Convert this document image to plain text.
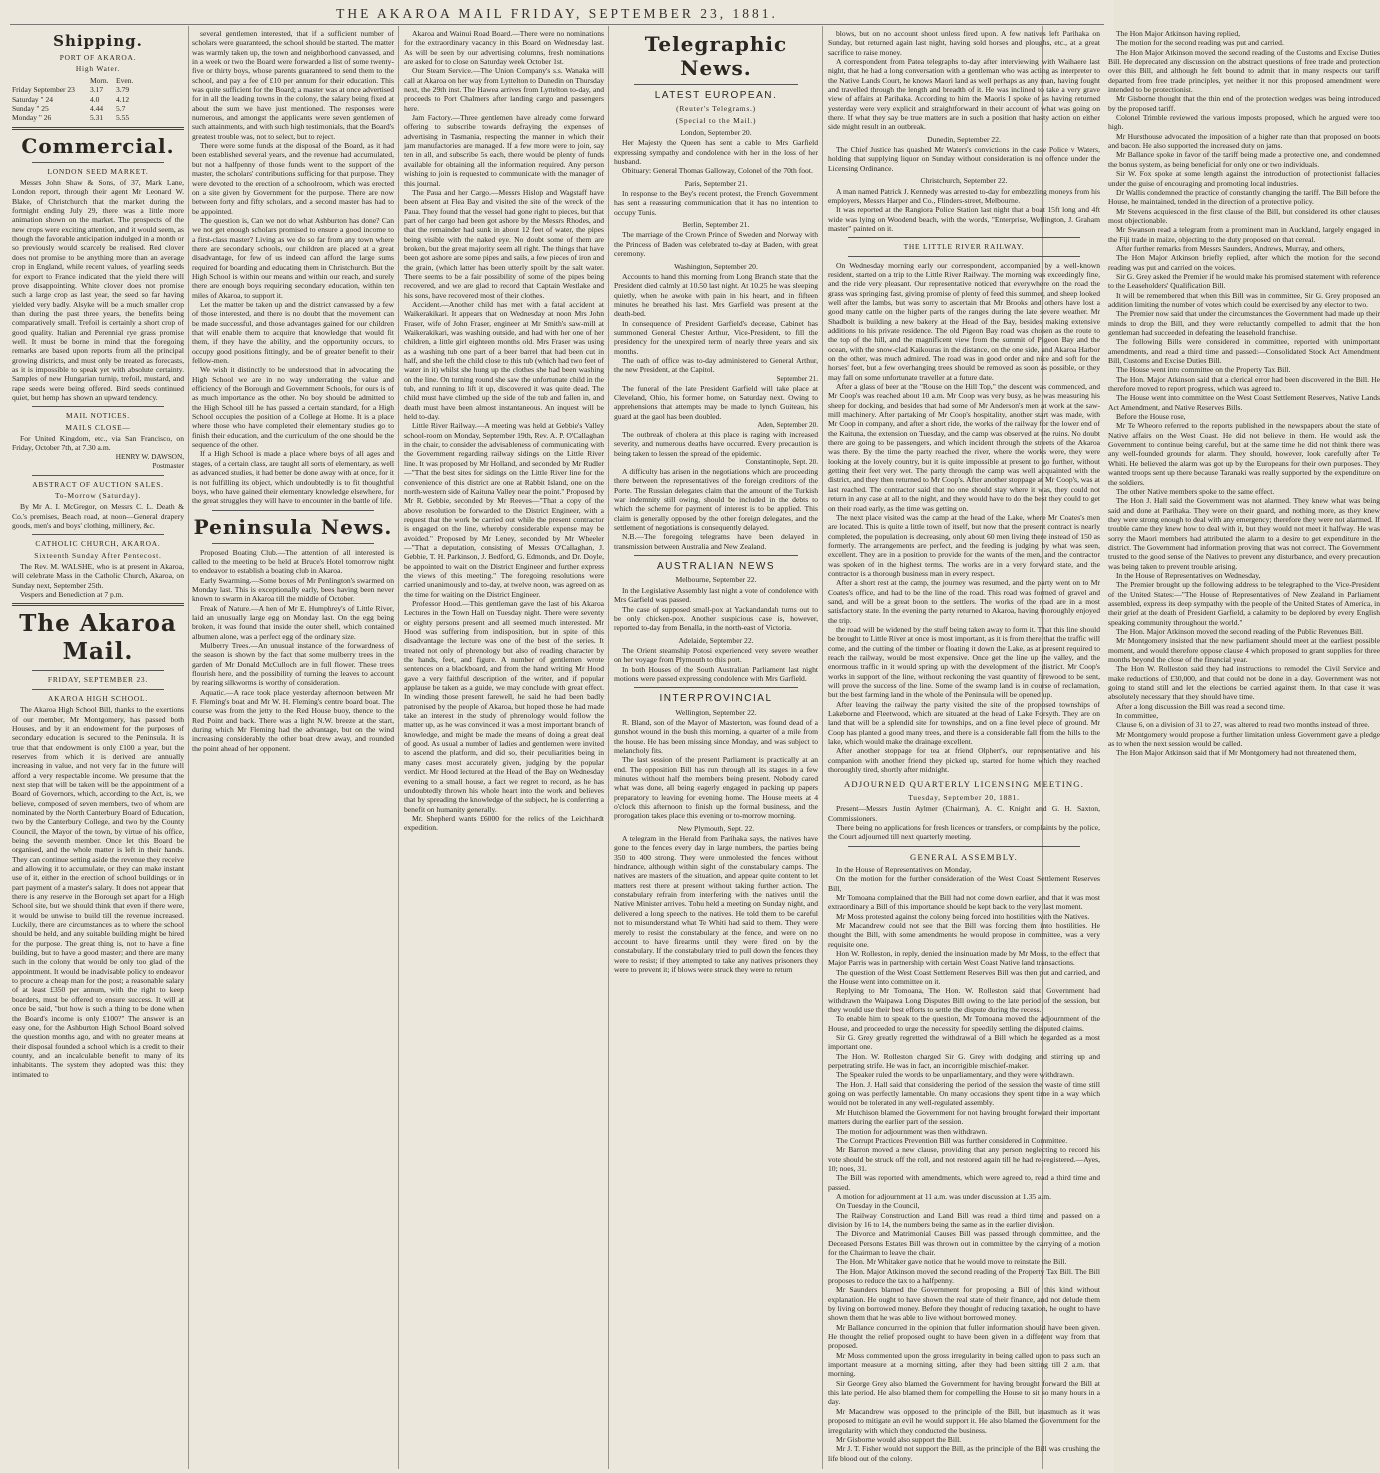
THE AKAROA MAIL FRIDAY, SEPTEMBER 23, 1881.
Shipping.
PORT OF AKAROA.
High Water.
Morn. Even.
Friday September 23	3.17	3.79
Saturday " 24	4.0	4.12
Sunday " 25	4.44	5.7
Monday " 26	5.31	5.55
Commercial.
LONDON SEED MARKET.

Messrs John Shaw & Sons, of 37, Mark Lane, London report, through their agent Mr Leonard W. Blake, of Christchurch that the market during the fortnight ending July 29, there was a little more animation shown on the market. The prospects of the new crops were exciting attention, and it would seem, as though the favorable anticipation indulged in a month or so previously would scarcely be realised. Red clover does not promise to be anything more than an average crop in England, while recent values, of yearling seeds for export to France indicated that the yield there will prove disappointing. White clover does not promise such a large crop as last year, the seed so far having yielded very badly. Alsyke will be a much smaller crop than during the past three years, the benefits being comparatively small. Trefoil is certainly a short crop of good quality. Italian and Perennial rye grass promise well. It must be borne in mind that the foregoing remarks are based upon reports from all the principal growing districts, and must only be treated as forecasts, as it is impossible to speak yet with absolute certainty. Samples of new Hungarian turnip, trefoil, mustard, and rape seeds were being offered. Bird seeds continued quiet, but hemp has shown an upward tendency.

MAIL NOTICES.
MAILS CLOSE—

For United Kingdom, etc., via San Francisco, on Friday, October 7th, at 7.30 a.m.

HENRY W. DAWSON,
Postmaster
ABSTRACT OF AUCTION SALES.
To-Morrow (Saturday).

By Mr A. I. McGregor, on Messrs C. L. Death & Co.'s premises, Beach road, at noon—General drapery goods, men's and boys' clothing, millinery, &c.

CATHOLIC CHURCH, AKAROA.
Sixteenth Sunday After Pentecost.

The Rev. M. WALSHE, who is at present in Akaroa, will celebrate Mass in the Catholic Church, Akaroa, on Sunday next, September 25th.

Vespers and Benediction at 7 p.m.

The Akaroa Mail.
FRIDAY, SEPTEMBER 23.
AKAROA HIGH SCHOOL.

The Akaroa High School Bill, thanks to the exertions of our member, Mr Montgomery, has passed both Houses, and by it an endowment for the purposes of secondary education is secured to the Peninsula. It is true that that endowment is only £100 a year, but the reserves from which it is derived are annually increasing in value, and not very far in the future will afford a very respectable income. We presume that the next step that will be taken will be the appointment of a Board of Governors, which, according to the Act, is, we believe, composed of seven members, two of whom are nominated by the North Canterbury Board of Education, two by the Canterbury College, and two by the County Council, the Mayor of the town, by virtue of his office, being the seventh member. Once let this Board be organised, and the whole matter is left in their hands. They can continue setting aside the revenue they receive and allowing it to accumulate, or they can make instant use of it, either in the erection of school buildings or in part payment of a master's salary. It does not appear that there is any reserve in the Borough set apart for a High School site, but we should think that even if there were, it would be unwise to build till the revenue increased. Luckily, there are circumstances as to where the school should be held, and any suitable building might be hired for the purpose. The great thing is, not to have a fine building, but to have a good master; and there are many such in the colony that would be only too glad of the appointment. It would be inadvisable policy to endeavor to procure a cheap man for the post; a reasonable salary of at least £350 per annum, with the right to keep boarders, must be offered to ensure success. It will at once be said, "but how is such a thing to be done when the Board's income is only £100?" The answer is an easy one, for the Ashburton High School Board solved the question months ago, and with no greater means at their disposal founded a school which is a credit to their county, and an incalculable benefit to many of its inhabitants. The system they adopted was this: they intimated to

several gentlemen interested, that if a sufficient number of scholars were guaranteed, the school should be started. The matter was warmly taken up, the town and neighborhood canvassed, and in a week or two the Board were forwarded a list of some twenty-five or thirty boys, whose parents guaranteed to send them to the school, and pay a fee of £10 per annum for their education. This was quite sufficient for the Board; a master was at once advertised for in all the leading towns in the colony, the salary being fixed at about the sum we have just mentioned. The responses were numerous, and amongst the applicants were seven gentlemen of such attainments, and with such high testimonials, that the Board's greatest trouble was, not to select, but to reject.

There were some funds at the disposal of the Board, as it had been established several years, and the revenue had accumulated, but not a halfpenny of those funds went to the support of the master, the scholars' contributions sufficing for that purpose. They were devoted to the erection of a schoolroom, which was erected on a site given by Government for the purpose. There are now between forty and fifty scholars, and a second master has had to be appointed.

The question is, Can we not do what Ashburton has done? Can we not get enough scholars promised to ensure a good income to a first-class master? Living as we do so far from any town where there are secondary schools, our children are placed at a great disadvantage, for few of us indeed can afford the large sums required for boarding and educating them in Christchurch. But the High School is within our means and within our reach, and surely there are enough boys requiring secondary education, within ten miles of Akaroa, to support it.

Let the matter be taken up and the district canvassed by a few of those interested, and there is no doubt that the movement can be made successful, and those advantages gained for our children that will enable them to acquire that knowledge that would fit them, if they have the ability, and the opportunity occurs, to occupy good positions fittingly, and be of greater benefit to their fellow-men.

We wish it distinctly to be understood that in advocating the High School we are in no way underrating the value and efficiency of the Borough and Government Schools, for ours is of as much importance as the other. No boy should be admitted to the High School till he has passed a certain standard, for a High School occupies the position of a College at Home. It is a place where those who have completed their elementary studies go to finish their education, and the curriculum of the one should be the sequence of the other.

If a High School is made a place where boys of all ages and stages, of a certain class, are taught all sorts of elementary, as well as advanced studies, it had better be done away with at once, for it is not fulfilling its object, which undoubtedly is to fit thoughtful boys, who have gained their elementary knowledge elsewhere, for the great struggles they will have to encounter in the battle of life.

Peninsula News.

Proposed Boating Club.—The attention of all interested is called to the meeting to be held at Bruce's Hotel tomorrow night to endeavor to establish a boating club in Akaroa.

Early Swarming.—Some boxes of Mr Penlington's swarmed on Monday last. This is exceptionally early, bees having been never known to swarm in Akaroa till the middle of October.

Freak of Nature.—A hen of Mr E. Humphrey's of Little River, laid an unusually large egg on Monday last. On the egg being broken, it was found that inside the outer shell, which contained albumen alone, was a perfect egg of the ordinary size.

Mulberry Trees.—An unusual instance of the forwardness of the season is shown by the fact that some mulberry trees in the garden of Mr Donald McCulloch are in full flower. These trees flourish here, and the possibility of turning the leaves to account by rearing silkworms is worthy of consideration.

Aquatic.—A race took place yesterday afternoon between Mr F. Fleming's boat and Mr W. H. Fleming's centre board boat. The course was from the jetty to the Red House buoy, thence to the Red Point and back. There was a light N.W. breeze at the start, during which Mr Fleming had the advantage, but on the wind increasing considerably the other boat drew away, and rounded the point ahead of her opponent.

Akaroa and Wainui Road Board.—There were no nominations for the extraordinary vacancy in this Board on Wednesday last. As will be seen by our advertising columns, fresh nominations are asked for to close on Saturday week October 1st.

Our Steam Service.—The Union Company's s.s. Wanaka will call at Akaroa on her way from Lyttelton to Dunedin on Thursday next, the 29th inst. The Hawea arrives from Lyttelton to-day, and proceeds to Port Chalmers after landing cargo and passengers here.

Jam Factory.—Three gentlemen have already come forward offering to subscribe towards defraying the expenses of advertising in Tasmania, respecting the manner in which their jam manufactories are managed. If a few more were to join, say ten in all, and subscribe 5s each, there would be plenty of funds available for obtaining all the information required. Any person wishing to join is requested to communicate with the manager of this journal.

The Paua and her Cargo.—Messrs Hislop and Wagstaff have been absent at Flea Bay and visited the site of the wreck of the Paua. They found that the vessel had gone right to pieces, but that part of her cargo had been got ashore by the Messrs Rhodes, and that the remainder had sunk in about 12 feet of water, the pipes being visible with the naked eye. No doubt some of them are broken, but the great majority seem all right. The things that have been got ashore are some pipes and sails, a few pieces of iron and the grain, (which latter has been utterly spoilt by the salt water. There seems to be a fair possibility of some of the pipes being recovered, and we are glad to record that Captain Westlake and his sons, have recovered most of their clothes.

Accident.—Another child has met with a fatal accident at Waikerakikari. It appears that on Wednesday at noon Mrs John Fraser, wife of John Fraser, engineer at Mr Smith's saw-mill at Waikerakikari, was washing outside, and had with her one of her children, a little girl eighteen months old. Mrs Fraser was using as a washing tub one part of a beer barrel that had been cut in half, and she left the child close to this tub (which had two feet of water in it) whilst she hung up the clothes she had been washing on the line. On turning round she saw the unfortunate child in the tub, and running to lift it up, discovered it was quite dead. The child must have climbed up the side of the tub and fallen in, and death must have been almost instantaneous. An inquest will be held to-day.

Little River Railway.—A meeting was held at Gebbie's Valley school-room on Monday, September 19th, Rev. A. P. O'Callaghan in the chair, to consider the advisableness of communicating with the Government regarding railway sidings on the Little River line. It was proposed by Mr Holland, and seconded by Mr Rudler—"That the best sites for sidings on the Little River line for the convenience of this district are one at Rabbit Island, one on the north-western side of Kaituna Valley near the point." Proposed by Mr R. Gebbie, seconded by Mr Reeves—"That a copy of the above resolution be forwarded to the District Engineer, with a request that the work be carried out while the present contractor is engaged on the line, whereby considerable expense may be avoided." Proposed by Mr Leney, seconded by Mr Wheeler—"That a deputation, consisting of Messrs O'Callaghan, J. Gebbie, T. H. Parkinson, J. Bedford, G. Edmonds, and Dr. Doyle, be appointed to wait on the District Engineer and further express the views of this meeting." The foregoing resolutions were carried unanimously and to-day, at twelve noon, was agreed on as the time for waiting on the District Engineer.

Professor Hood.—This gentleman gave the last of his Akaroa Lectures in the Town Hall on Tuesday night. There were seventy or eighty persons present and all seemed much interested. Mr Hood was suffering from indisposition, but in spite of this disadvantage the lecture was one of the best of the series. It treated not only of phrenology but also of reading character by the hands, feet, and figure. A number of gentlemen wrote sentences on a blackboard, and from the hand writing Mr Hood gave a very faithful description of the writer, and if popular applause be taken as a guide, we may conclude with great effect. In winding those present farewell, he said he had been badly patronised by the people of Akaroa, but hoped those he had made take an interest in the study of phrenology would follow the matter up, as he was convinced it was a most important branch of knowledge, and might be made the means of doing a great deal of good. As usual a number of ladies and gentlemen were invited to ascend the platform, and did so, their peculiarities being in many cases most accurately given, judging by the popular verdict. Mr Hood lectured at the Head of the Bay on Wednesday evening to a small house, a fact we regret to record, as he has undoubtedly thrown his whole heart into the work and believes that by spreading the knowledge of the subject, he is conferring a benefit on humanity generally.

Mr. Shepherd wants £6000 for the relics of the Leichhardt expedition.

Telegraphic News.
LATEST EUROPEAN.
(Reuter's Telegrams.)
(Special to the Mail.)
London, September 20.

Her Majesty the Queen has sent a cable to Mrs Garfield expressing sympathy and condolence with her in the loss of her husband.

Obituary: General Thomas Galloway, Colonel of the 70th foot.

Paris, September 21.

In response to the Bey's recent protest, the French Government has sent a reassuring communication that it has no intention to occupy Tunis.

Berlin, September 21.

The marriage of the Crown Prince of Sweden and Norway with the Princess of Baden was celebrated to-day at Baden, with great ceremony.

Washington, September 20.

Accounts to hand this morning from Long Branch state that the President died calmly at 10.50 last night. At 10.25 he was sleeping quietly, when he awoke with pain in his heart, and in fifteen minutes he breathed his last. Mrs Garfield was present at the death-bed.

In consequence of President Garfield's decease, Cabinet has summoned General Chester Arthur, Vice-President, to fill the presidency for the unexpired term of nearly three years and six months.

The oath of office was to-day administered to General Arthur, the new President, at the Capitol.

September 21.

The funeral of the late President Garfield will take place at Cleveland, Ohio, his former home, on Saturday next. Owing to apprehensions that attempts may be made to lynch Guiteau, his guard at the gaol has been doubled.

Aden, September 20.

The outbreak of cholera at this place is raging with increased severity, and numerous deaths have occurred. Every precaution is being taken to lessen the spread of the epidemic.

Constantinople, Sept. 20.

A difficulty has arisen in the negotiations which are proceeding there between the representatives of the foreign creditors of the Porte. The Russian delegates claim that the amount of the Turkish war indemnity still owing, should be included in the debts to which the scheme for payment of interest is to be applied. This claim is generally opposed by the other foreign delegates, and the settlement of negotiations is consequently delayed.

N.B.—The foregoing telegrams have been delayed in transmission between Australia and New Zealand.

AUSTRALIAN NEWS
Melbourne, September 22.

In the Legislative Assembly last night a vote of condolence with Mrs Garfield was passed.

The case of supposed small-pox at Yackandandah turns out to be only chicken-pox. Another suspicious case is, however, reported to-day from Benalla, in the north-east of Victoria.

Adelaide, September 22.

The Orient steamship Potosi experienced very severe weather on her voyage from Plymouth to this port.

In both Houses of the South Australian Parliament last night motions were passed expressing condolence with Mrs Garfield.

INTERPROVINCIAL
Wellington, September 22.

R. Bland, son of the Mayor of Masterton, was found dead of a gunshot wound in the bush this morning, a quarter of a mile from the house. He has been missing since Monday, and was subject to melancholy fits.

The last session of the present Parliament is practically at an end. The opposition Bill has run through all its stages in a few minutes without half the members being present. Nobody cared what was done, all being eagerly engaged in packing up papers preparatory to leaving for evening home. The House meets at 4 o'clock this afternoon to finish up the formal business, and the prorogation takes place this evening or to-morrow morning.

New Plymouth, Sept. 22.

A telegram in the Herald from Parihaka says, the natives have gone to the fences every day in large numbers, the parties being 350 to 400 strong. They were unmolested the fences without hindrance, although within sight of the constabulary camps. The natives are masters of the situation, and appear quite content to let matters rest there at present without taking further action. The constabulary refrain from interfering with the natives until the Native Minister arrives. Tohu held a meeting on Sunday night, and delivered a long speech to the natives. He told them to be careful not to misunderstand what Te Whiti had said to them. They were merely to resist the constabulary at the fence, and were on no account to have firearms until they were fired on by the constabulary. If the constabulary tried to pull down the fences they were to resist; if they attempted to take any natives prisoners they were to prevent it; if blows were struck they were to return

blows, but on no account shoot unless fired upon. A few natives left Parihaka on Sunday, but returned again last night, having sold horses and ploughs, etc., at a great sacrifice to raise money.

A correspondent from Patea telegraphs to-day after interviewing with Waihaere last night, that he had a long conversation with a gentleman who was acting as interpreter to the Native Lands Court, he knows Maori land as well perhaps as any man, having fought and travelled through the length and breadth of it. He was inclined to take a very grave view of affairs at Parihaka. According to him the Maoris I spoke of as having returned yesterday were very explicit and straightforward in their account of what was going on there. If what they say be true matters are in such a position that hasty action on either side might result in an outbreak.

Dunedin, September 22.

The Chief Justice has quashed Mr Waters's convictions in the case Police v Waters, holding that supplying liquor on Sunday without consideration is no offence under the Licensing Ordinance.

Christchurch, September 22.

A man named Patrick J. Kennedy was arrested to-day for embezzling moneys from his employers, Messrs Harper and Co., Flinders-street, Melbourne.

It was reported at the Rangiora Police Station last night that a boat 15ft long and 4ft wide was lying on Woodend beach, with the words, "Enterprise, Wellington, J. Graham master" painted on it.

THE LITTLE RIVER RAILWAY.

On Wednesday morning early our correspondent, accompanied by a well-known resident, started on a trip to the Little River Railway. The morning was exceedingly fine, and the ride very pleasant. Our representative noticed that everywhere on the road the grass was springing fast, giving promise of plenty of feed this summer, and sheep looked well after the lambs, but was sorry to ascertain that Mr Brooks and others have lost a good many cattle on the higher parts of the ranges during the late severe weather. Mr Shadbolt is building a new bakery at the Head of the Bay, besides making extensive additions to his private residence. The old Pigeon Bay road was chosen as the route to the top of the hill, and the magnificent view from the summit of Pigeon Bay and the ocean, with the snow-clad Kaikouras in the distance, on the one side, and Akaroa Harbor on the other, was much admired. The road was in good order and nice and soft for the horses' feet, but a few overhanging trees should be removed as soon as possible, or they may fall on some unfortunate traveller at a future date.

After a glass of beer at the "Rouse on the Hill Top," the descent was commenced, and Mr Coop's was reached about 10 a.m. Mr Coop was very busy, as he was measuring his sheep for docking, and besides that had some of Mr Anderson's men at work at the saw-mill machinery. After partaking of Mr Coop's hospitality, another start was made, with Mr Coop in company, and after a short ride, the works of the railway for the lower end of the Kaituna, the extension on Tuesday, and the camp was observed at the ruins. No doubt there are going to be passengers, and which incident through the streets of the Akaroa was there. By the time the party reached the river, where the works were, they were looking at the lovely country, but it is quite impossible at present to go further, without getting their feet very wet. The party through the camp was well acquainted with the district, and they then returned to Mr Coop's. After another stoppage at Mr Coop's, was at last reached. The contractor said that no one should stay where it was, they could not return in any case at all to the night, and they would have to do the best they could to get on their road early, as the time was getting on.

The next place visited was the camp at the head of the Lake, where Mr Coates's men are located. This is quite a little town of itself, but now that the present contract is nearly completed, the population is decreasing, only about 60 men living there instead of 150 as formerly. The arrangements are perfect, and the feeding is judging by what was seen, excellent. They are in a position to provide for the wants of the men, and the contractor was spoken of in the highest terms. The works are in a very forward state, and the contractor is a thorough business man in every respect.

After a short rest at the camp, the journey was resumed, and the party went on to Mr Coates's office, and had to be the line of the road. This road was formed of gravel and sand, and will be a great boon to the settlers. The works of the road are in a most satisfactory state. In the evening the party returned to Akaroa, having thoroughly enjoyed the trip.

the road will be widened by the stuff being taken away to form it. That this line should be brought to Little River at once is most important, as it is from there that the traffic will come, and the cutting of the timber or floating it down the Lake, as at present required to reach the railway, would be most expensive. Once get the line up the valley, and the enormous traffic in it would spring up with the development of the district. Mr Coop's works in support of the line, without reckoning the vast quantity of firewood to be sent, will prove the success of the line. Some of the swamp land is in course of reclamation, but the best farming land in the whole of the Peninsula will be opened up.

After leaving the railway the party visited the site of the proposed townships of Lakeborne and Fleetwood, which are situated at the head of Lake Forsyth. They are on land that will be a splendid site for townships, and on a fine level piece of ground. Mr Coop has planted a good many trees, and there is a considerable fall from the hills to the lake, which would make the drainage excellent.

After another stoppage for tea at friend Olphert's, our representative and his companion with another friend they picked up, started for home which they reached thoroughly tired, shortly after midnight.

ADJOURNED QUARTERLY LICENSING MEETING.
Tuesday, September 20, 1881.

Present—Messrs Justin Aylmer (Chairman), A. C. Knight and G. H. Saxton, Commissioners.

There being no applications for fresh licences or transfers, or complaints by the police, the Court adjourned till next quarterly meeting.

GENERAL ASSEMBLY.

In the House of Representatives on Monday,

On the motion for the further consideration of the West Coast Settlement Reserves Bill,

Mr Tomoana complained that the Bill had not come down earlier, and that it was most extraordinary a Bill of this importance should be kept back to the very last moment.

Mr Moss protested against the colony being forced into hostilities with the Natives.

Mr Macandrew could not see that the Bill was forcing them into hostilities. He thought the Bill, with some amendments he would propose in committee, was a very requisite one.

Hon W. Rolleston, in reply, denied the insinuation made by Mr Moss, to the effect that Major Parris was in partnership with certain West Coast Native land transactions.

The question of the West Coast Settlement Reserves Bill was then put and carried, and the House went into committee on it.

Replying to Mr Tomoana, The Hon. W. Rolleston said that Government had withdrawn the Waipawa Long Disputes Bill owing to the late period of the session, but they would use their best efforts to settle the dispute during the recess.

To enable him to speak to the question, Mr Tomoana moved the adjournment of the House, and proceeded to urge the necessity for speedily settling the disputed claims.

Sir G. Grey greatly regretted the withdrawal of a Bill which he regarded as a most important one.

The Hon. W. Rolleston charged Sir G. Grey with dodging and stirring up and perpetrating strife. He was in fact, an incorrigible mischief-maker.

The Speaker ruled the words to be unparliamentary, and they were withdrawn.

The Hon. J. Hall said that considering the period of the session the waste of time still going on was perfectly lamentable. On many occasions they spent time in a way which would not be tolerated in any well-regulated assembly.

Mr Hutchison blamed the Government for not having brought forward their important matters during the earlier part of the session.

The motion for adjournment was then withdrawn.

The Corrupt Practices Prevention Bill was further considered in Committee.

Mr Barron moved a new clause, providing that any person neglecting to record his vote should be struck off the roll, and not restored again till he had re-registered.—Ayes, 10; noes, 31.

The Bill was reported with amendments, which were agreed to, read a third time and passed.

A motion for adjournment at 11 a.m. was under discussion at 1.35 a.m.

On Tuesday in the Council,

The Railway Construction and Land Bill was read a third time and passed on a division by 16 to 14, the numbers being the same as in the earlier division.

The Divorce and Matrimonial Causes Bill was passed through committee, and the Deceased Persons Estates Bill was thrown out in committee by the carrying of a motion for the Chairman to leave the chair.

The Hon. Mr Whitaker gave notice that he would move to reinstate the Bill.

The Hon. Major Atkinson moved the second reading of the Property Tax Bill. The Bill proposes to reduce the tax to a halfpenny.

Mr Saunders blamed the Government for proposing a Bill of this kind without explanation. He ought to have shown the real state of their finance, and not delude them by living on borrowed money. Before they thought of reducing taxation, he ought to have shown them that he was able to live without borrowed money.

Mr Ballance concurred in the opinion that fuller information should have been given. He thought the relief proposed ought to have been given in a different way from that proposed.

Mr Moss commented upon the gross irregularity in being called upon to pass such an important measure at a morning sitting, after they had been sitting till 2 a.m. that morning.

Sir George Grey also blamed the Government for having brought forward the Bill at this late period. He also blamed them for compelling the House to sit so many hours in a day.

Mr Macandrew was opposed to the principle of the Bill, but inasmuch as it was proposed to mitigate an evil he would support it. He also blamed the Government for the irregularity with which they conducted the business.

Mr Gisborne would also support the Bill.

Mr J. T. Fisher would not support the Bill, as the principle of the Bill was crushing the life blood out of the colony.

The Hon Major Atkinson having replied,

The motion for the second reading was put and carried.

The Hon Major Atkinson moved the second reading of the Customs and Excise Duties Bill. He deprecated any discussion on the abstract questions of free trade and protection over this Bill, and although he felt bound to admit that in many respects our tariff departed from free trade principles, yet neither it nor this proposed amendment were intended to be protectionist.

Mr Gisborne thought that the thin end of the protection wedges was being introduced by the proposed tariff.

Colonel Trimble reviewed the various imposts proposed, which he argued were too high.

Mr Hursthouse advocated the imposition of a higher rate than that proposed on boots and bacon. He also supported the increased duty on jams.

Mr Ballance spoke in favor of the tariff being made a protective one, and condemned the bonus system, as being beneficial for only one or two individuals.

Sir W. Fox spoke at some length against the introduction of protectionist fallacies under the guise of encouraging and promoting local industries.

Dr Wallis condemned the practice of constantly changing the tariff. The Bill before the House, he maintained, tended in the direction of a protective policy.

Mr Stevens acquiesced in the first clause of the Bill, but considered its other clauses most objectionable.

Mr Swanson read a telegram from a prominent man in Auckland, largely engaged in the Fiji trade in maize, objecting to the duty proposed on that cereal.

After further remarks from Messrs Saunders, Andrews, Murray, and others,

The Hon Major Atkinson briefly replied, after which the motion for the second reading was put and carried on the voices.

Sir G. Grey asked the Premier if he would make his promised statement with reference to the Leaseholders' Qualification Bill.

It will be remembered that when this Bill was in committee, Sir G. Grey proposed an addition limiting the number of votes which could be exercised by any elector to two.

The Premier now said that under the circumstances the Government had made up their minds to drop the Bill, and they were reluctantly compelled to admit that the hon gentleman had succeeded in defeating the leasehold franchise.

The following Bills were considered in committee, reported with unimportant amendments, and read a third time and passed:—Consolidated Stock Act Amendment Bill, Customs and Excise Duties Bill.

The House went into committee on the Property Tax Bill.

The Hon. Major Atkinson said that a clerical error had been discovered in the Bill. He therefore moved to report progress, which was agreed to.

The House went into committee on the West Coast Settlement Reserves, Native Lands Act Amendment, and Native Reserves Bills.

Before the House rose,

Mr Te Wheoro referred to the reports published in the newspapers about the state of Native affairs on the West Coast. He did not believe in them. He would ask the Government to continue being careful, but at the same time he did not think there was any well-founded grounds for alarm. They should, however, look carefully after Te Whiti. He believed the alarm was got up by the Europeans for their own purposes. They wanted troops sent up there because Taranaki was really supported by the expenditure on the soldiers.

The other Native members spoke to the same effect.

The Hon J. Hall said the Government was not alarmed. They knew what was being said and done at Parihaka. They were on their guard, and nothing more, as they knew they were strong enough to deal with any emergency; therefore they were not alarmed. If trouble came they knew how to deal with it, but they would not meet it halfway. He was sorry the Maori members had attributed the alarm to a desire to get expenditure in the district. The Government had information proving that was not correct. The Government trusted to the good sense of the Natives to prevent any disturbance, and every precaution was being taken to prevent trouble arising.

In the House of Representatives on Wednesday,

The Premier brought up the following address to be telegraphed to the Vice-President of the United States:—"The House of Representatives of New Zealand in Parliament assembled, express its deep sympathy with the people of the United States of America, in their grief at the death of President Garfield, a calamity to be deplored by every English speaking community throughout the world."

The Hon. Major Atkinson moved the second reading of the Public Revenues Bill.

Mr Montgomery insisted that the new parliament should meet at the earliest possible moment, and would therefore oppose clause 4 which proposed to grant supplies for three months beyond the close of the financial year.

The Hon W. Rolleston said they had instructions to remodel the Civil Service and make reductions of £30,000, and that could not be done in a day. Government was not going to stand still and let the elections be carried against them. In that case it was absolutely necessary that they should have time.

After a long discussion the Bill was read a second time.

In committee,

Clause 6, on a division of 31 to 27, was altered to read two months instead of three.

Mr Montgomery would propose a further limitation unless Government gave a pledge as to when the next session would be called.

The Hon Major Atkinson said that if Mr Montgomery had not threatened them,
